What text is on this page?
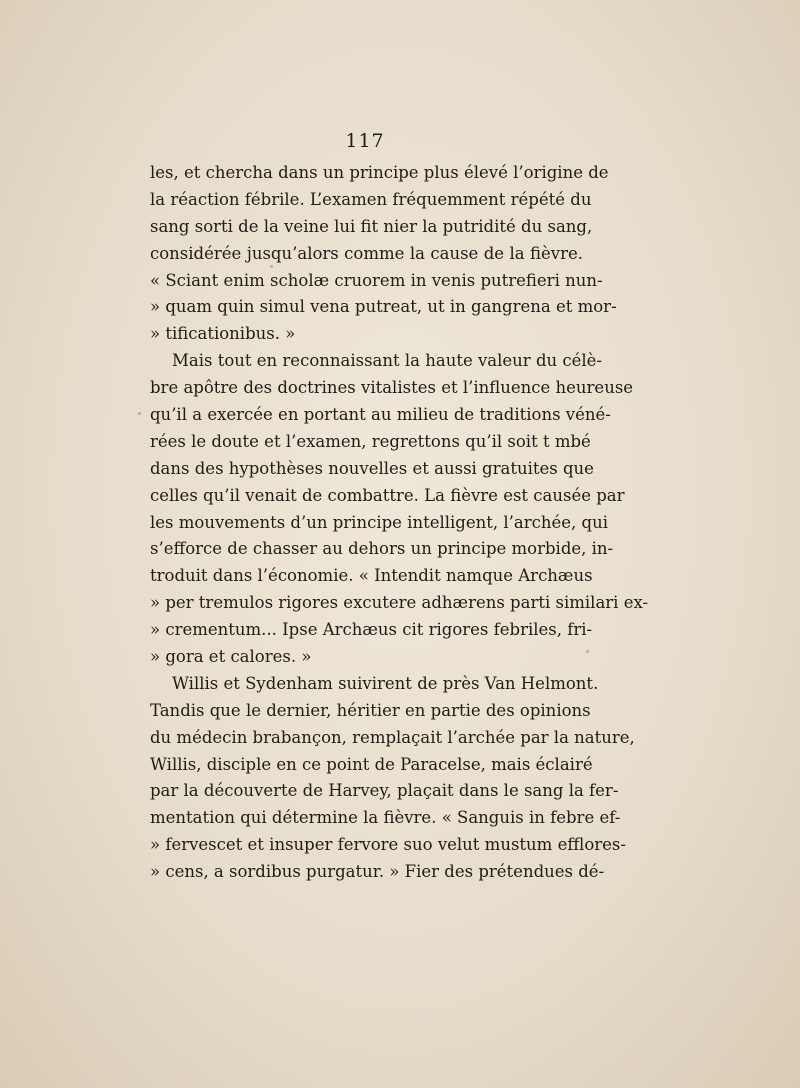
117
les, et chercha dans un principe plus élevé l’origine de
la réaction fébrile. L’examen fréquemment répété du
sang sorti de la veine lui fit nier la putridité du sang,
considérée jusqu’alors comme la cause de la fièvre.
« Sciant enim scholæ cruorem in venis putrefieri nun-
» quam quin simul vena putreat, ut in gangrena et mor-
» tificationibus. »
Mais tout en reconnaissant la haute valeur du célè-
bre apôtre des doctrines vitalistes et l’influence heureuse
qu’il a exercée en portant au milieu de traditions véné-
rées le doute et l’examen, regrettons qu’il soit t mbé
dans des hypothèses nouvelles et aussi gratuites que
celles qu’il venait de combattre. La fièvre est causée par
les mouvements d’un principe intelligent, l’archée, qui
s’efforce de chasser au dehors un principe morbide, in-
troduit dans l’économie. « Intendit namque Archæus
» per tremulos rigores excutere adhærens parti similari ex-
» crementum... Ipse Archæus cit rigores febriles, fri-
» gora et calores. »
Willis et Sydenham suivirent de près Van Helmont.
Tandis que le dernier, héritier en partie des opinions
du médecin brabançon, remplaçait l’archée par la nature,
Willis, disciple en ce point de Paracelse, mais éclairé
par la découverte de Harvey, plaçait dans le sang la fer-
mentation qui détermine la fièvre. « Sanguis in febre ef-
» fervescet et insuper fervore suo velut mustum efflores-
» cens, a sordibus purgatur. » Fier des prétendues dé-
